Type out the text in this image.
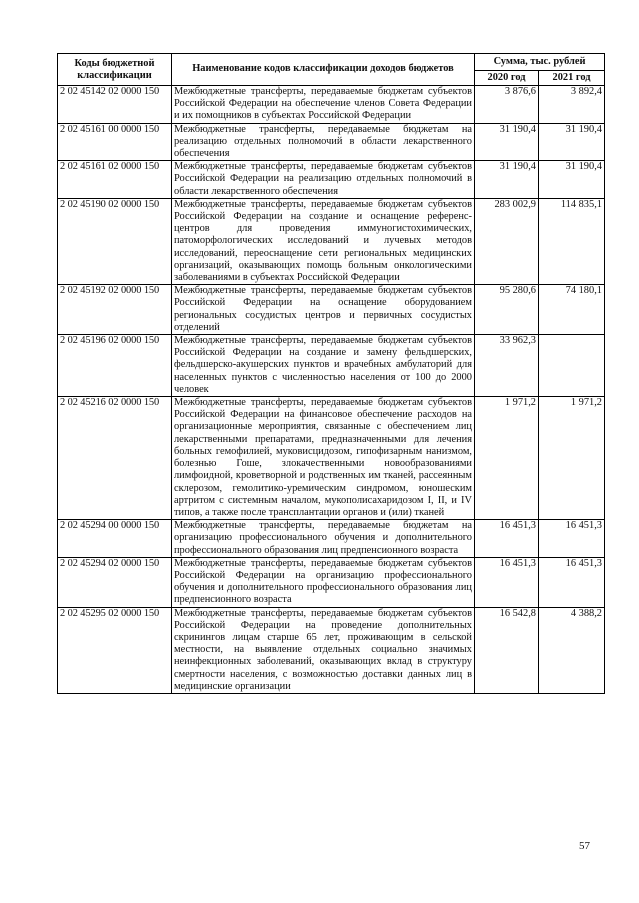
Коды бюджетной классификации	Наименование кодов классификации доходов бюджетов	Сумма, тыс. рублей	
		2020 год	2021 год
2 02 45142 02 0000 150	Межбюджетные трансферты, передаваемые бюджетам субъектов Российской Федерации на обеспечение членов Совета Федерации и их помощников в субъектах Российской Федерации	3 876,6	3 892,4
2 02 45161 00 0000 150	Межбюджетные трансферты, передаваемые бюджетам на реализацию отдельных полномочий в области лекарственного обеспечения	31 190,4	31 190,4
2 02 45161 02 0000 150	Межбюджетные трансферты, передаваемые бюджетам субъектов Российской Федерации на реализацию отдельных полномочий в области лекарственного обеспечения	31 190,4	31 190,4
2 02 45190 02 0000 150	Межбюджетные трансферты, передаваемые бюджетам субъектов Российской Федерации на создание и оснащение референс-центров для проведения иммуногистохимических, патоморфологических исследований и лучевых методов исследований, переоснащение сети региональных медицинских организаций, оказывающих помощь больным онкологическими заболеваниями в субъектах Российской Федерации	283 002,9	114 835,1
2 02 45192 02 0000 150	Межбюджетные трансферты, передаваемые бюджетам субъектов Российской Федерации на оснащение оборудованием региональных сосудистых центров и первичных сосудистых отделений	95 280,6	74 180,1
2 02 45196 02 0000 150	Межбюджетные трансферты, передаваемые бюджетам субъектов Российской Федерации на создание и замену фельдшерских, фельдшерско-акушерских пунктов и врачебных амбулаторий для населенных пунктов с численностью населения от 100 до 2000 человек	33 962,3	
2 02 45216 02 0000 150	Межбюджетные трансферты, передаваемые бюджетам субъектов Российской Федерации на финансовое обеспечение расходов на организационные мероприятия, связанные с обеспечением лиц лекарственными препаратами, предназначенными для лечения больных гемофилией, муковисцидозом, гипофизарным нанизмом, болезнью Гоше, злокачественными новообразованиями лимфоидной, кроветворной и родственных им тканей, рассеянным склерозом, гемолитико-уремическим синдромом, юношеским артритом с системным началом, мукополисахаридозом I, II, и IV типов, а также после трансплантации органов и (или) тканей	1 971,2	1 971,2
2 02 45294 00 0000 150	Межбюджетные трансферты, передаваемые бюджетам на организацию профессионального обучения и дополнительного профессионального образования лиц предпенсионного возраста	16 451,3	16 451,3
2 02 45294 02 0000 150	Межбюджетные трансферты, передаваемые бюджетам субъектов Российской Федерации на организацию профессионального обучения и дополнительного профессионального образования лиц предпенсионного возраста	16 451,3	16 451,3
2 02 45295 02 0000 150	Межбюджетные трансферты, передаваемые бюджетам субъектов Российской Федерации на проведение дополнительных скринингов лицам старше 65 лет, проживающим в сельской местности, на выявление отдельных социально значимых неинфекционных заболеваний, оказывающих вклад в структуру смертности населения, с возможностью доставки данных лиц в медицинские организации	16 542,8	4 388,2
57
